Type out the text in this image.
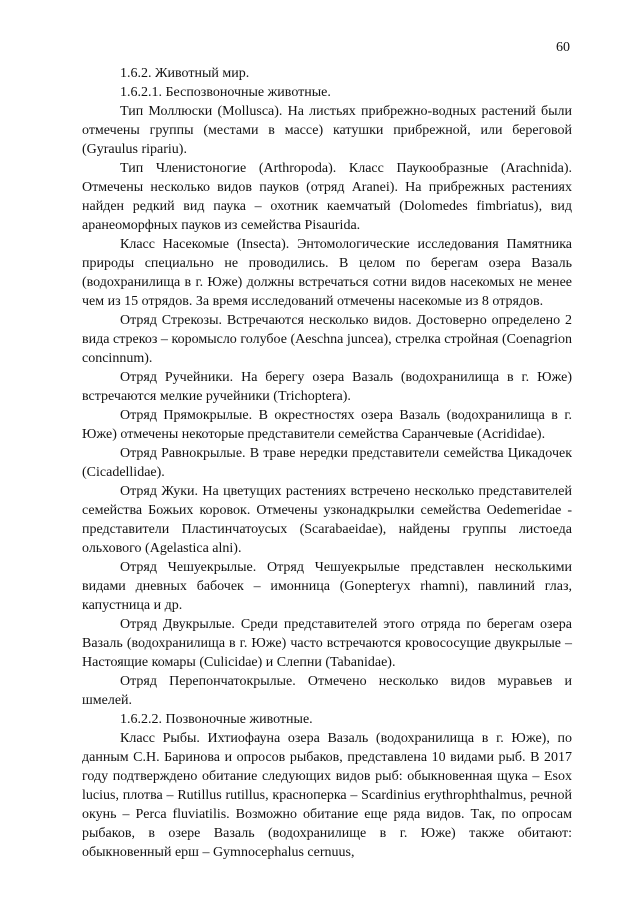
60

1.6.2. Животный мир.

1.6.2.1. Беспозвоночные животные.

Тип Моллюски (Mollusca). На листьях прибрежно-водных растений были отмечены группы (местами в массе) катушки прибрежной, или береговой (Gyraulus ripariu).

Тип Членистоногие (Arthropoda). Класс Паукообразные (Arachnida). Отмечены несколько видов пауков (отряд Aranei). На прибрежных растениях найден редкий вид паука – охотник каемчатый (Dolomedes fimbriatus), вид аранеоморфных пауков из семейства Pisaurida.

Класс Насекомые (Insecta). Энтомологические исследования Памятника природы специально не проводились. В целом по берегам озера Вазаль (водохранилища в г. Юже) должны встречаться сотни видов насекомых не менее чем из 15 отрядов. За время исследований отмечены насекомые из 8 отрядов.

Отряд Стрекозы. Встречаются несколько видов. Достоверно определено 2 вида стрекоз – коромысло голубое (Aeschna juncea), стрелка стройная (Coenagrion concinnum).

Отряд Ручейники. На берегу озера Вазаль (водохранилища в г. Юже) встречаются мелкие ручейники (Trichoptera).

Отряд Прямокрылые. В окрестностях озера Вазаль (водохранилища в г. Юже) отмечены некоторые представители семейства Саранчевые (Acrididae).

Отряд Равнокрылые. В траве нередки представители семейства Цикадочек (Cicadellidae).

Отряд Жуки. На цветущих растениях встречено несколько представителей семейства Божьих коровок. Отмечены узконадкрылки семейства Oedemeridae - представители Пластинчатоусых (Scarabaeidae), найдены группы листоеда ольхового (Agelastica alni).

Отряд Чешуекрылые. Отряд Чешуекрылые представлен несколькими видами дневных бабочек – имонница (Gonepterуx rhamni), павлиний глаз, капустница и др.

Отряд Двукрылые. Среди представителей этого отряда по берегам озера Вазаль (водохранилища в г. Юже) часто встречаются кровососущие двукрылые – Настоящие комары (Culicidae) и Слепни (Tabanidae).

Отряд Перепончатокрылые. Отмечено несколько видов муравьев и шмелей.

1.6.2.2. Позвоночные животные.

Класс Рыбы. Ихтиофауна озера Вазаль (водохранилища в г. Юже), по данным С.Н. Баринова и опросов рыбаков, представлена 10 видами рыб. В 2017 году подтверждено обитание следующих видов рыб: обыкновенная щука – Esox lucius, плотва – Rutillus rutillus, красноперка – Scardinius erythrophthalmus, речной окунь – Perca fluviatilis. Возможно обитание еще ряда видов. Так, по опросам рыбаков, в озере Вазаль (водохранилище в г. Юже) также обитают: обыкновенный ерш – Gymnocephalus cernuus,
